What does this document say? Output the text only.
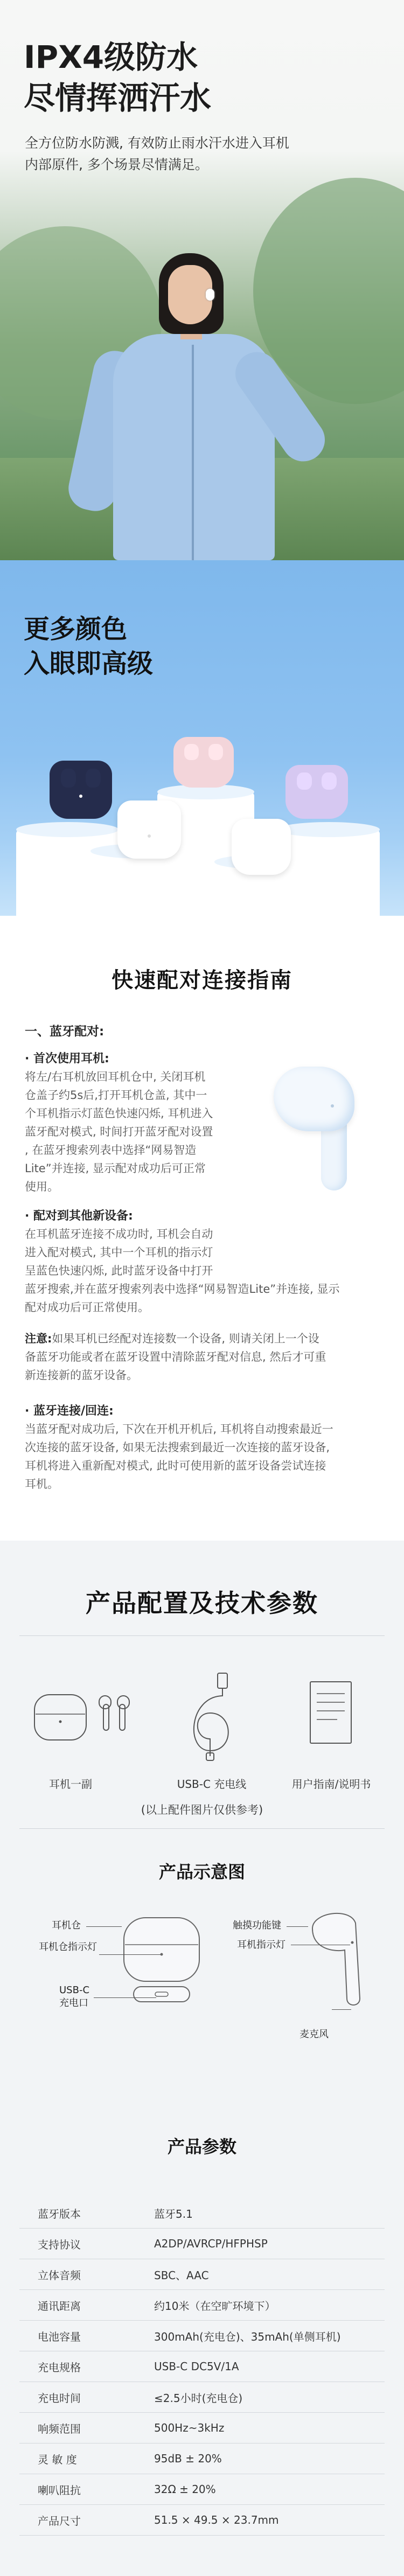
IPX4级防水
尽情挥洒汗水

全方位防水防溅, 有效防止雨水汗水进入耳机
内部原件, 多个场景尽情满足。

更多颜色
入眼即高级
快速配对连接指南

一、蓝牙配对:

· 首次使用耳机:

将左/右耳机放回耳机仓中, 关闭耳机
仓盖子约5s后,打开耳机仓盖, 其中一
个耳机指示灯蓝色快速闪烁, 耳机进入
蓝牙配对模式, 时间打开蓝牙配对设置
, 在蓝牙搜索列表中选择“网易智造
Lite”并连接, 显示配对成功后可正常
使用。

· 配对到其他新设备:

在耳机蓝牙连接不成功时, 耳机会自动
进入配对模式, 其中一个耳机的指示灯
呈蓝色快速闪烁, 此时蓝牙设备中打开
蓝牙搜索,并在蓝牙搜索列表中选择“网易智造Lite”并连接, 显示
配对成功后可正常使用。
注意:如果耳机已经配对连接数一个设备, 则请关闭上一个设
备蓝牙功能或者在蓝牙设置中清除蓝牙配对信息, 然后才可重
新连接新的蓝牙设备。

· 蓝牙连接/回连:

当蓝牙配对成功后, 下次在开机开机后, 耳机将自动搜索最近一
次连接的蓝牙设备, 如果无法搜索到最近一次连接的蓝牙设备,
耳机将进入重新配对模式, 此时可使用新的蓝牙设备尝试连接
耳机。
产品配置及技术参数
耳机一副	USB-C 充电线	用户指南/说明书
(以上配件图片仅供参考)

产品示意图

耳机仓
耳机仓指示灯
USB-C
充电口
触摸功能键
耳机指示灯
麦克风

产品参数

蓝牙版本	蓝牙5.1
支持协议	A2DP/AVRCP/HFPHSP
立体音频	SBC、AAC
通讯距离	约10米（在空旷环境下）
电池容量	300mAh(充电仓)、35mAh(单侧耳机)
充电规格	USB-C DC5V/1A
充电时间	≤2.5小时(充电仓)
响频范围	500Hz~3kHz
灵 敏 度	95dB ± 20%
喇叭阻抗	32Ω ± 20%
产品尺寸	51.5 × 49.5 × 23.7mm
